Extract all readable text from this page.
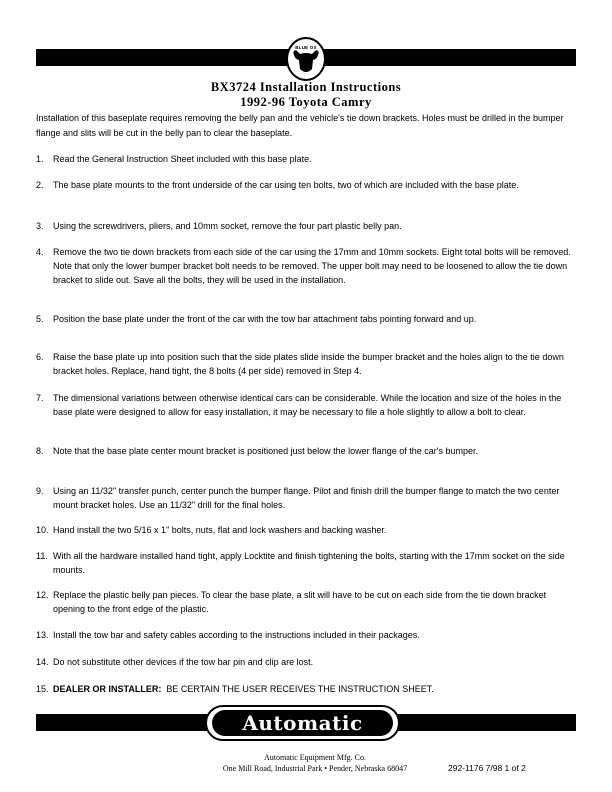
BLUE OX
BX3724 Installation Instructions
1992-96 Toyota Camry
Installation of this baseplate requires removing the belly pan and the vehicle's tie down brackets. Holes must be drilled in the bumper flange and slits will be cut in the belly pan to clear the baseplate.
1. Read the General Instruction Sheet included with this base plate.
2. The base plate mounts to the front underside of the car using ten bolts, two of which are included with the base plate.
3. Using the screwdrivers, pliers, and 10mm socket, remove the four part plastic belly pan.
4. Remove the two tie down brackets from each side of the car using the 17mm and 10mm sockets. Eight total bolts will be removed. Note that only the lower bumper bracket bolt needs to be removed. The upper bolt may need to be loosened to allow the tie down bracket to slide out. Save all the bolts, they will be used in the installation.
5. Position the base plate under the front of the car with the tow bar attachment tabs pointing forward and up.
6. Raise the base plate up into position such that the side plates slide inside the bumper bracket and the holes align to the tie down bracket holes. Replace, hand tight, the 8 bolts (4 per side) removed in Step 4.
7. The dimensional variations between otherwise identical cars can be considerable. While the location and size of the holes in the base plate were designed to allow for easy installation, it may be necessary to file a hole slightly to allow a bolt to clear.
8. Note that the base plate center mount bracket is positioned just below the lower flange of the car's bumper.
9. Using an 11/32" transfer punch, center punch the bumper flange. Pilot and finish drill the bumper flange to match the two center mount bracket holes. Use an 11/32" drill for the final holes.
10. Hand install the two 5/16 x 1" bolts, nuts, flat and lock washers and backing washer.
11. With all the hardware installed hand tight, apply Locktite and finish tightening the bolts, starting with the 17mm socket on the side mounts.
12. Replace the plastic belly pan pieces. To clear the base plate, a slit will have to be cut on each side from the tie down bracket opening to the front edge of the plastic.
13. Install the tow bar and safety cables according to the instructions included in their packages.
14. Do not substitute other devices if the tow bar pin and clip are lost.
15. DEALER OR INSTALLER: BE CERTAIN THE USER RECEIVES THE INSTRUCTION SHEET.
Automatic
Automatic Equipment Mfg. Co.
One Mill Road, Industrial Park • Pender, Nebraska 68047	292-1176 7/98 1 of 2
